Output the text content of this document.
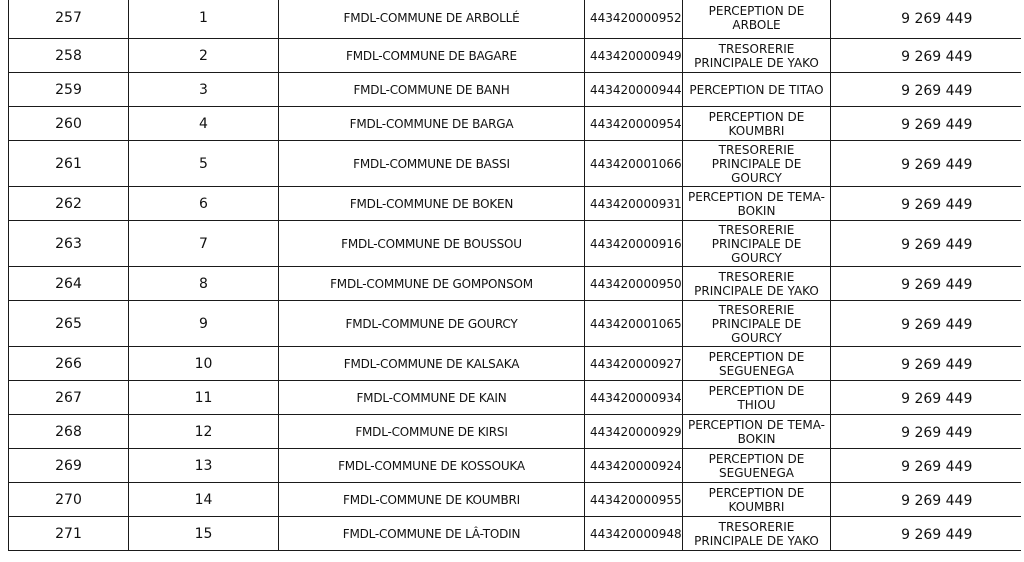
257	1	FMDL-COMMUNE DE ARBOLLÉ	443420000952	PERCEPTION DE
ARBOLE	9 269 449
258	2	FMDL-COMMUNE DE BAGARE	443420000949	TRESORERIE
PRINCIPALE DE YAKO	9 269 449
259	3	FMDL-COMMUNE DE BANH	443420000944	PERCEPTION DE TITAO	9 269 449
260	4	FMDL-COMMUNE DE BARGA	443420000954	PERCEPTION DE
KOUMBRI	9 269 449
261	5	FMDL-COMMUNE DE BASSI	443420001066	TRESORERIE
PRINCIPALE DE
GOURCY	9 269 449
262	6	FMDL-COMMUNE DE BOKEN	443420000931	PERCEPTION DE TEMA-
BOKIN	9 269 449
263	7	FMDL-COMMUNE DE BOUSSOU	443420000916	TRESORERIE
PRINCIPALE DE
GOURCY	9 269 449
264	8	FMDL-COMMUNE DE GOMPONSOM	443420000950	TRESORERIE
PRINCIPALE DE YAKO	9 269 449
265	9	FMDL-COMMUNE DE GOURCY	443420001065	TRESORERIE
PRINCIPALE DE
GOURCY	9 269 449
266	10	FMDL-COMMUNE DE KALSAKA	443420000927	PERCEPTION DE
SEGUENEGA	9 269 449
267	11	FMDL-COMMUNE DE KAIN	443420000934	PERCEPTION DE
THIOU	9 269 449
268	12	FMDL-COMMUNE DE KIRSI	443420000929	PERCEPTION DE TEMA-
BOKIN	9 269 449
269	13	FMDL-COMMUNE DE KOSSOUKA	443420000924	PERCEPTION DE
SEGUENEGA	9 269 449
270	14	FMDL-COMMUNE DE KOUMBRI	443420000955	PERCEPTION DE
KOUMBRI	9 269 449
271	15	FMDL-COMMUNE DE LÂ-TODIN	443420000948	TRESORERIE
PRINCIPALE DE YAKO	9 269 449
